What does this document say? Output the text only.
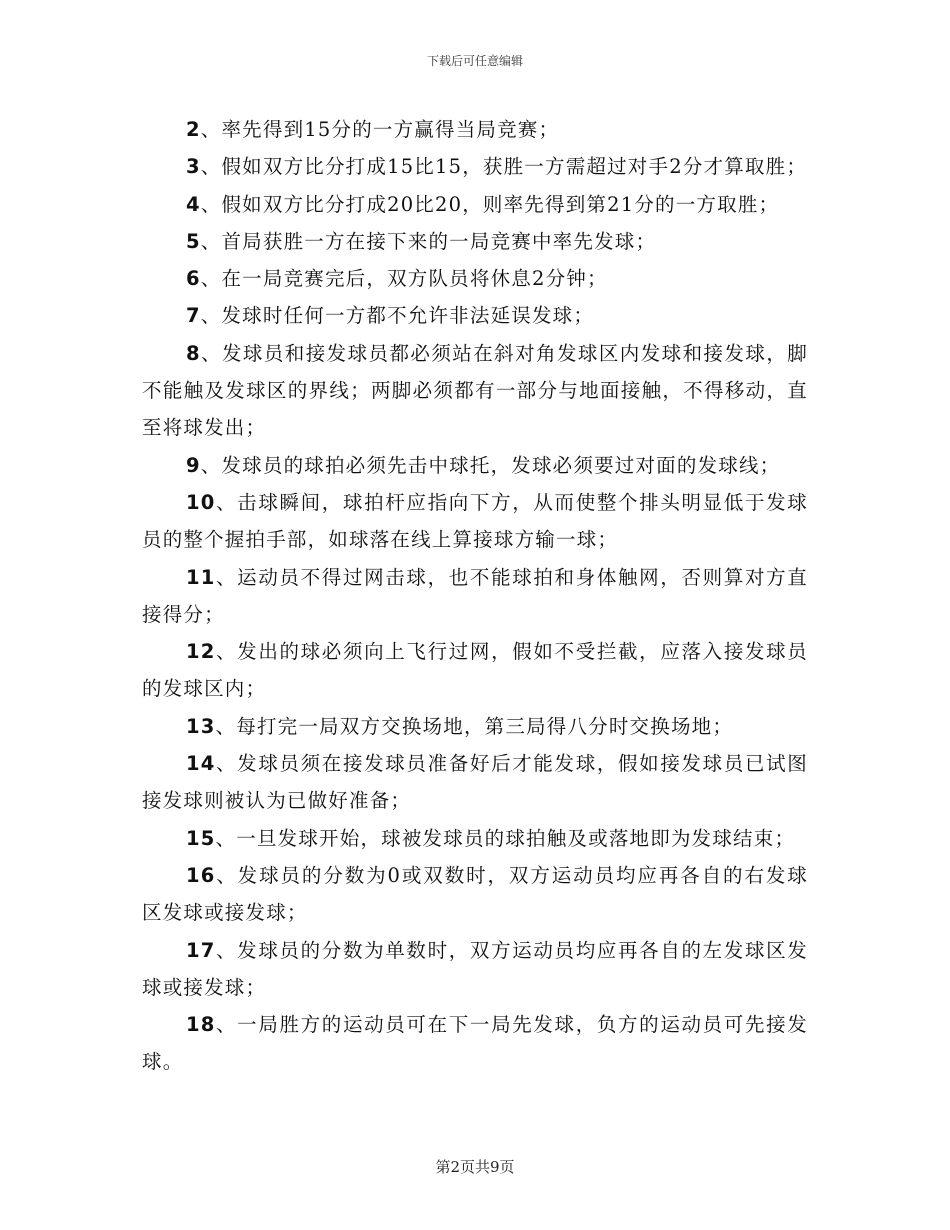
下载后可任意编辑

2、率先得到15分的一方赢得当局竞赛；

3、假如双方比分打成15比15，获胜一方需超过对手2分才算取胜；

4、假如双方比分打成20比20，则率先得到第21分的一方取胜；

5、首局获胜一方在接下来的一局竞赛中率先发球；

6、在一局竞赛完后，双方队员将休息2分钟；

7、发球时任何一方都不允许非法延误发球；

8、发球员和接发球员都必须站在斜对角发球区内发球和接发球，脚不能触及发球区的界线；两脚必须都有一部分与地面接触，不得移动，直至将球发出；

9、发球员的球拍必须先击中球托，发球必须要过对面的发球线；

10、击球瞬间，球拍杆应指向下方，从而使整个排头明显低于发球员的整个握拍手部，如球落在线上算接球方输一球；

11、运动员不得过网击球，也不能球拍和身体触网，否则算对方直接得分；

12、发出的球必须向上飞行过网，假如不受拦截，应落入接发球员的发球区内；

13、每打完一局双方交换场地，第三局得八分时交换场地；

14、发球员须在接发球员准备好后才能发球，假如接发球员已试图接发球则被认为已做好准备；

15、一旦发球开始，球被发球员的球拍触及或落地即为发球结束；

16、发球员的分数为0或双数时，双方运动员均应再各自的右发球区发球或接发球；

17、发球员的分数为单数时，双方运动员均应再各自的左发球区发球或接发球；

18、一局胜方的运动员可在下一局先发球，负方的运动员可先接发球。

第2页共9页
